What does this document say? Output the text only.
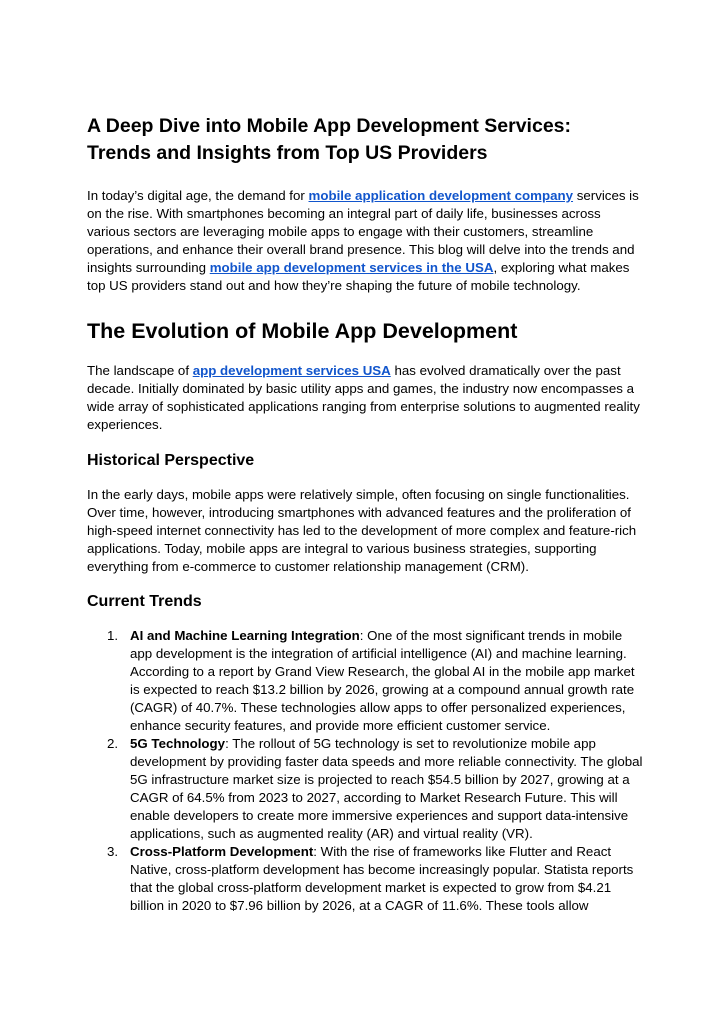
A Deep Dive into Mobile App Development Services:
Trends and Insights from Top US Providers

In today’s digital age, the demand for mobile application development company services is on the rise. With smartphones becoming an integral part of daily life, businesses across various sectors are leveraging mobile apps to engage with their customers, streamline operations, and enhance their overall brand presence. This blog will delve into the trends and insights surrounding mobile app development services in the USA, exploring what makes top US providers stand out and how they’re shaping the future of mobile technology.

The Evolution of Mobile App Development

The landscape of app development services USA has evolved dramatically over the past decade. Initially dominated by basic utility apps and games, the industry now encompasses a wide array of sophisticated applications ranging from enterprise solutions to augmented reality experiences.

Historical Perspective

In the early days, mobile apps were relatively simple, often focusing on single functionalities. Over time, however, introducing smartphones with advanced features and the proliferation of high-speed internet connectivity has led to the development of more complex and feature-rich applications. Today, mobile apps are integral to various business strategies, supporting everything from e-commerce to customer relationship management (CRM).

Current Trends
1. AI and Machine Learning Integration: One of the most significant trends in mobile app development is the integration of artificial intelligence (AI) and machine learning. According to a report by Grand View Research, the global AI in the mobile app market is expected to reach $13.2 billion by 2026, growing at a compound annual growth rate (CAGR) of 40.7%. These technologies allow apps to offer personalized experiences, enhance security features, and provide more efficient customer service.
2. 5G Technology: The rollout of 5G technology is set to revolutionize mobile app development by providing faster data speeds and more reliable connectivity. The global 5G infrastructure market size is projected to reach $54.5 billion by 2027, growing at a CAGR of 64.5% from 2023 to 2027, according to Market Research Future. This will enable developers to create more immersive experiences and support data-intensive applications, such as augmented reality (AR) and virtual reality (VR).
3. Cross-Platform Development: With the rise of frameworks like Flutter and React Native, cross-platform development has become increasingly popular. Statista reports that the global cross-platform development market is expected to grow from $4.21 billion in 2020 to $7.96 billion by 2026, at a CAGR of 11.6%. These tools allow
